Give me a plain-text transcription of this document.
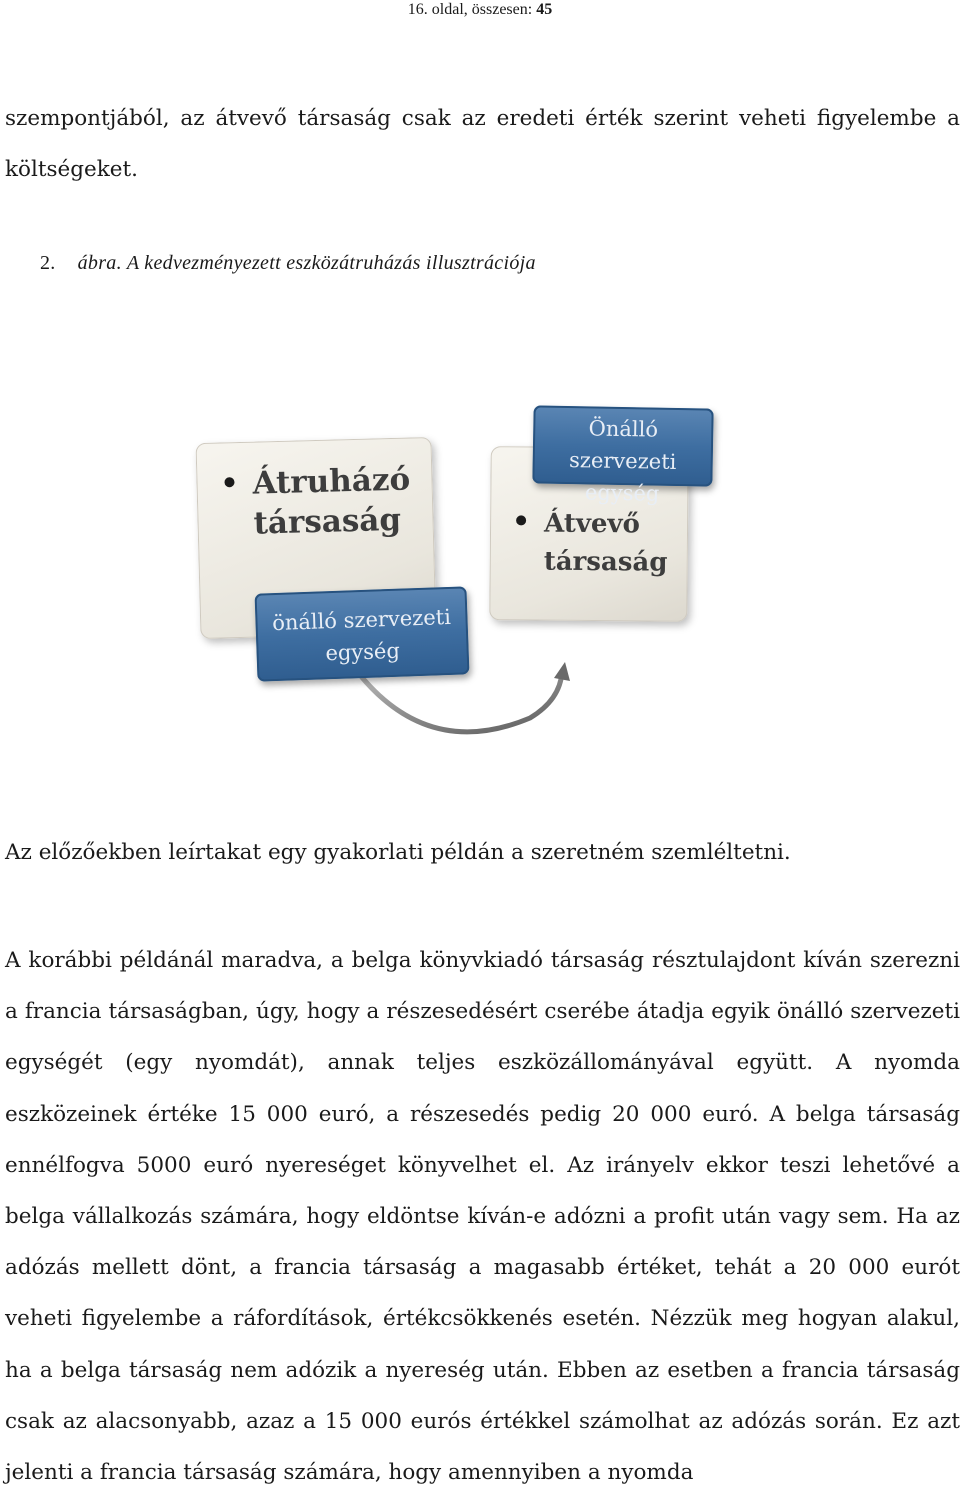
16. oldal, összesen: 45
szempontjából, az átvevő társaság csak az eredeti érték szerint veheti figyelembe a költségeket.
2. ábra. A kedvezményezett eszközátruházás illusztrációja
Átruházó
társaság	Átvevő
társaság
Önálló szervezeti
egység
önálló szervezeti
egység
Az előzőekben leírtakat egy gyakorlati példán a szeretném szemléltetni.
A korábbi példánál maradva, a belga könyvkiadó társaság résztulajdont kíván szerezni a francia társaságban, úgy, hogy a részesedésért cserébe átadja egyik önálló szervezeti egységét (egy nyomdát), annak teljes eszközállományával együtt. A nyomda eszközeinek értéke 15 000 euró, a részesedés pedig 20 000 euró. A belga társaság ennélfogva 5000 euró nyereséget könyvelhet el. Az irányelv ekkor teszi lehetővé a belga vállalkozás számára, hogy eldöntse kíván-e adózni a profit után vagy sem. Ha az adózás mellett dönt, a francia társaság a magasabb értéket, tehát a 20 000 eurót veheti figyelembe a ráfordítások, értékcsökkenés esetén. Nézzük meg hogyan alakul, ha a belga társaság nem adózik a nyereség után. Ebben az esetben a francia társaság csak az alacsonyabb, azaz a 15 000 eurós értékkel számolhat az adózás során. Ez azt jelenti a francia társaság számára, hogy amennyiben a nyomda
